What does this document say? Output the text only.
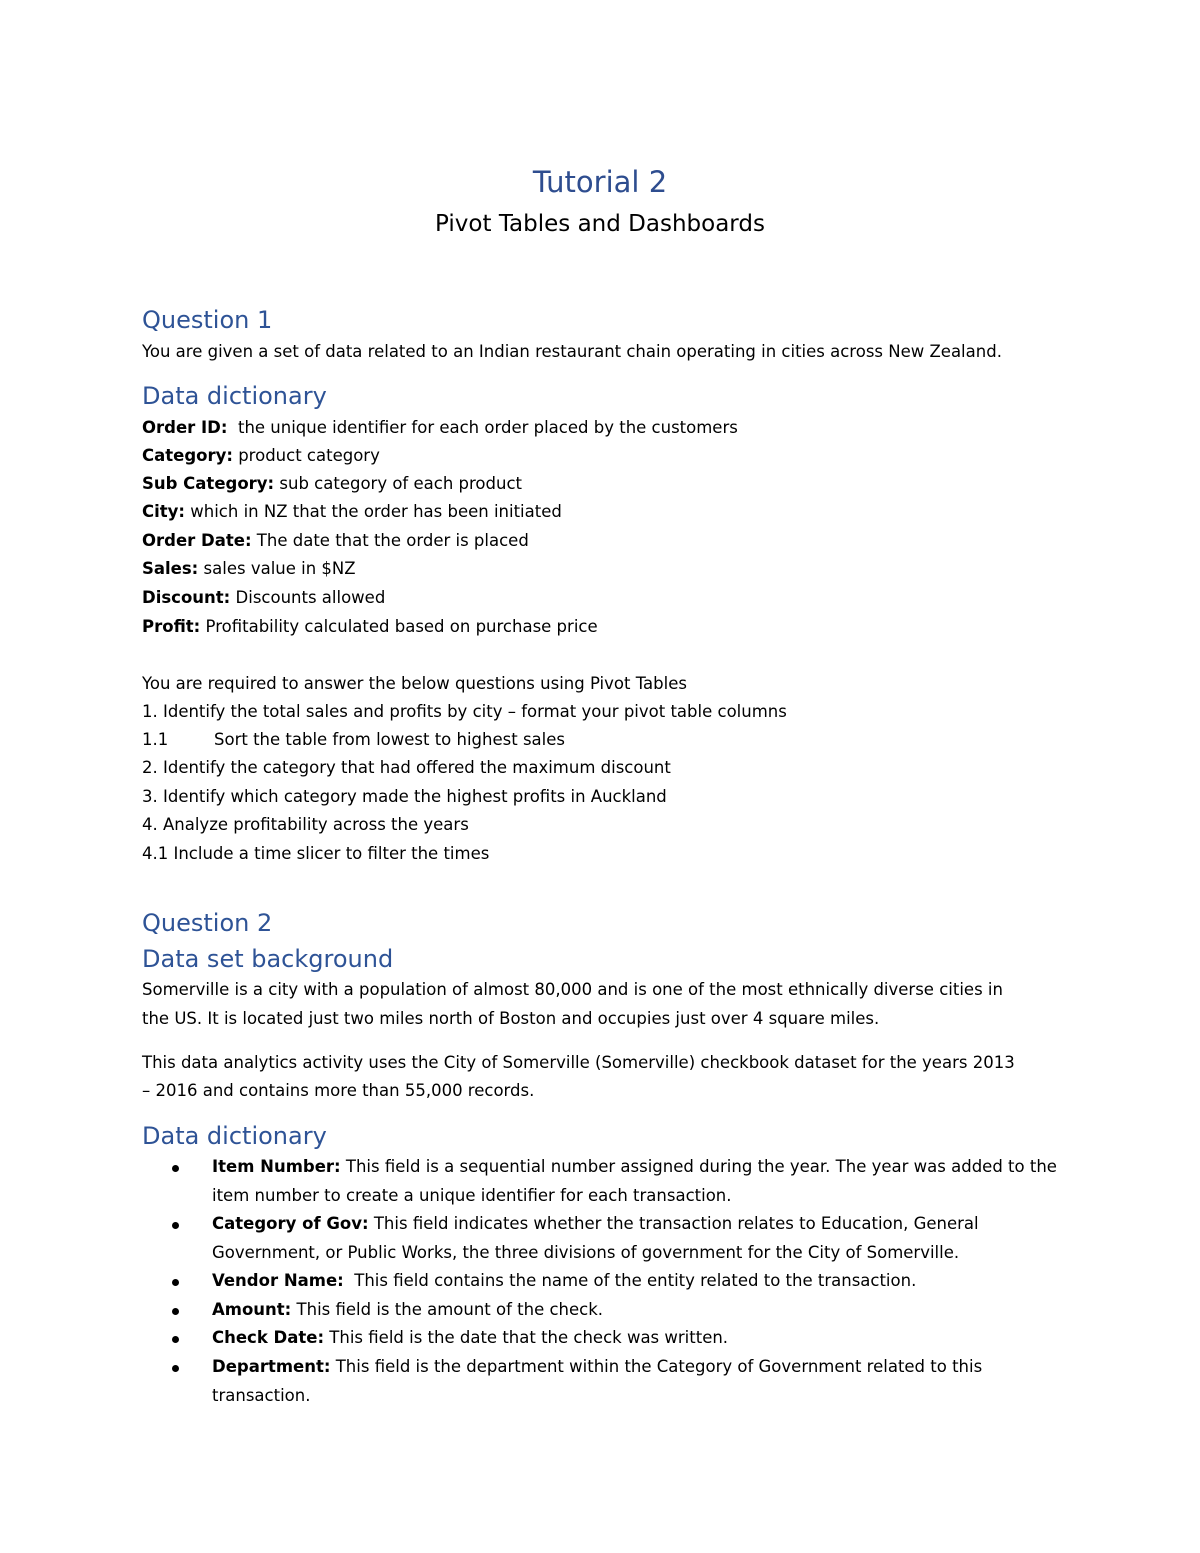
Tutorial 2
Pivot Tables and Dashboards
Question 1
You are given a set of data related to an Indian restaurant chain operating in cities across New Zealand.
Data dictionary
Order ID:  the unique identifier for each order placed by the customers
Category: product category
Sub Category: sub category of each product
City: which in NZ that the order has been initiated
Order Date: The date that the order is placed
Sales: sales value in $NZ
Discount: Discounts allowed
Profit: Profitability calculated based on purchase price
You are required to answer the below questions using Pivot Tables
1. Identify the total sales and profits by city – format your pivot table columns
1.1	Sort the table from lowest to highest sales
2. Identify the category that had offered the maximum discount
3. Identify which category made the highest profits in Auckland
4. Analyze profitability across the years
4.1 Include a time slicer to filter the times
Question 2
Data set background
Somerville is a city with a population of almost 80,000 and is one of the most ethnically diverse cities in
the US. It is located just two miles north of Boston and occupies just over 4 square miles.
This data analytics activity uses the City of Somerville (Somerville) checkbook dataset for the years 2013
– 2016 and contains more than 55,000 records.
Data dictionary
Item Number: This field is a sequential number assigned during the year. The year was added to the item number to create a unique identifier for each transaction.
Category of Gov: This field indicates whether the transaction relates to Education, General Government, or Public Works, the three divisions of government for the City of Somerville.
Vendor Name:  This field contains the name of the entity related to the transaction.
Amount: This field is the amount of the check.
Check Date: This field is the date that the check was written.
Department: This field is the department within the Category of Government related to this transaction.
